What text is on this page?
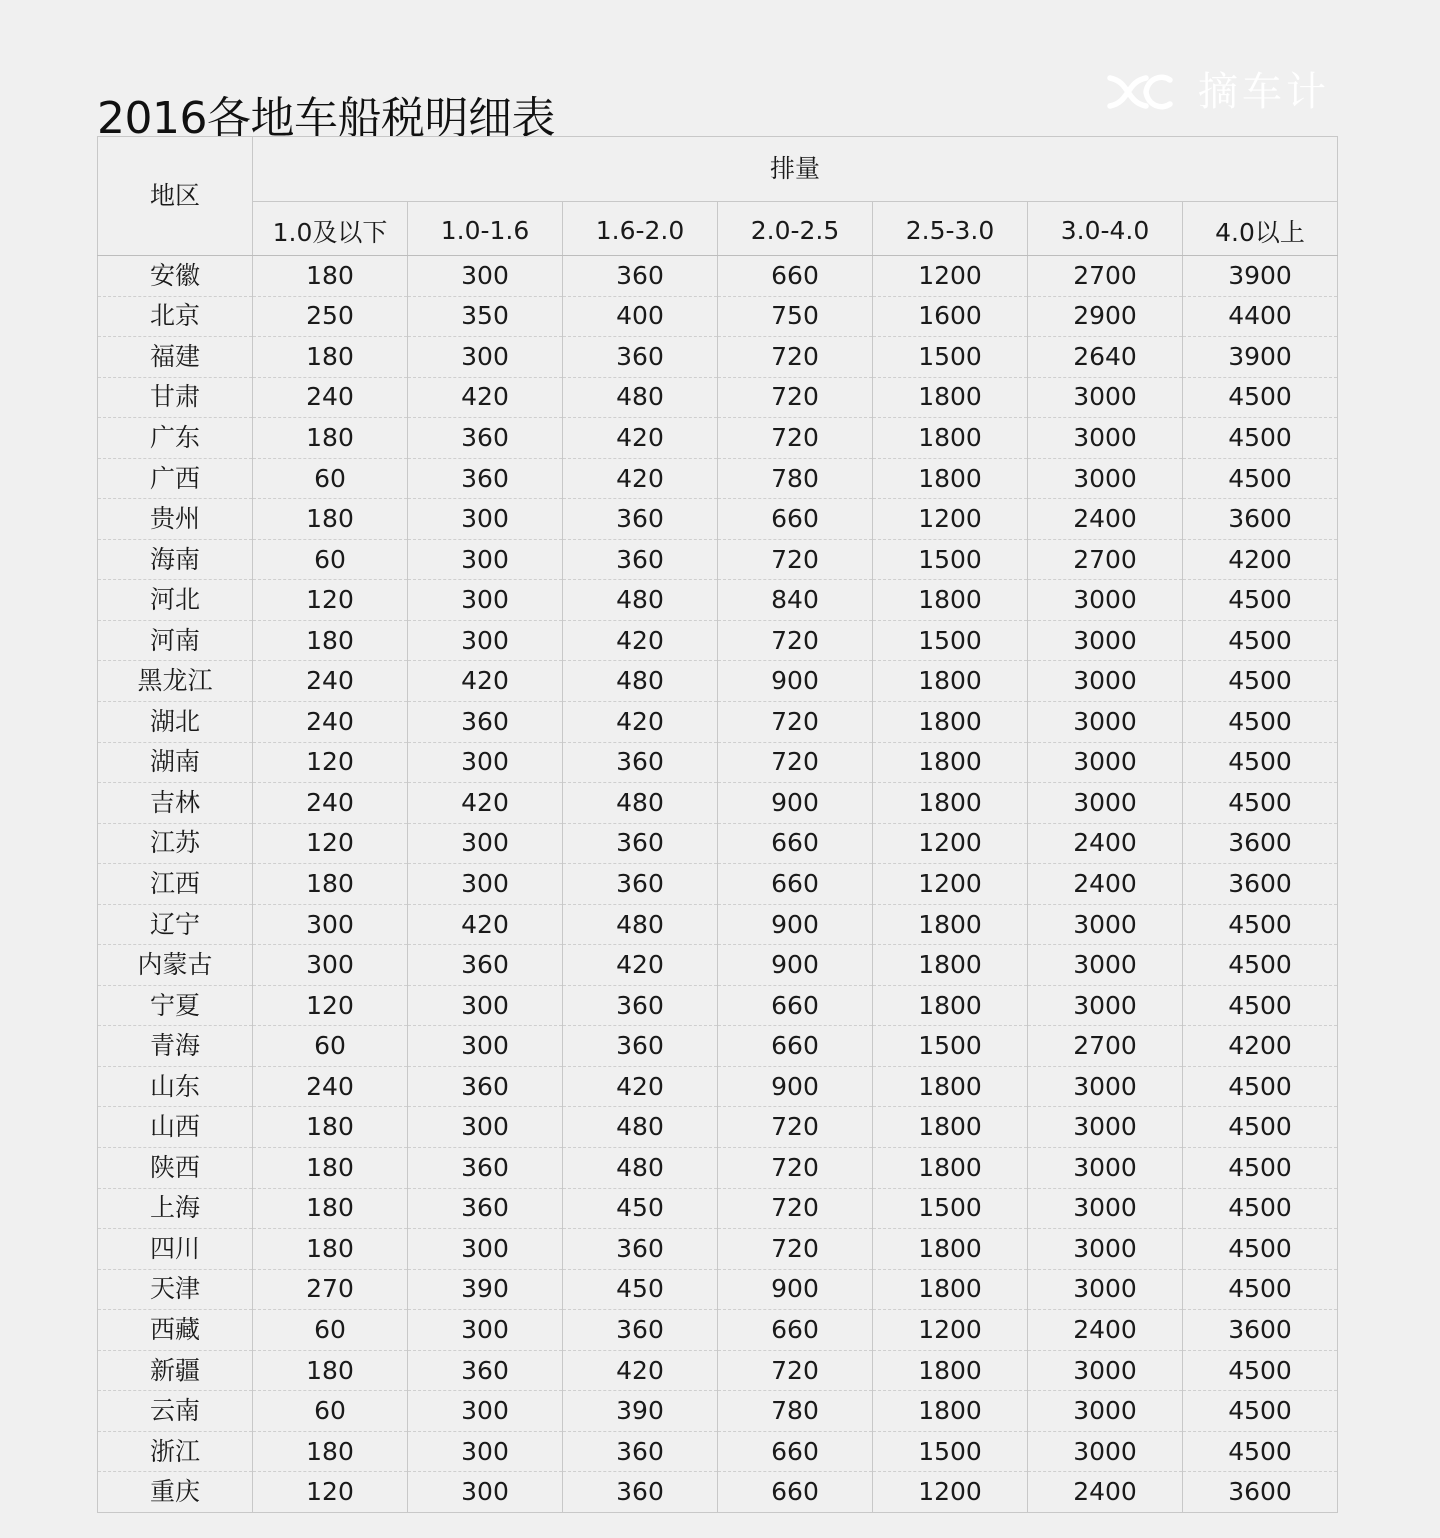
2016各地车船税明细表
摘车计
地区	排量						
	1.0及以下	1.0-1.6	1.6-2.0	2.0-2.5	2.5-3.0	3.0-4.0	4.0以上
安徽	180	300	360	660	1200	2700	3900
北京	250	350	400	750	1600	2900	4400
福建	180	300	360	720	1500	2640	3900
甘肃	240	420	480	720	1800	3000	4500
广东	180	360	420	720	1800	3000	4500
广西	60	360	420	780	1800	3000	4500
贵州	180	300	360	660	1200	2400	3600
海南	60	300	360	720	1500	2700	4200
河北	120	300	480	840	1800	3000	4500
河南	180	300	420	720	1500	3000	4500
黑龙江	240	420	480	900	1800	3000	4500
湖北	240	360	420	720	1800	3000	4500
湖南	120	300	360	720	1800	3000	4500
吉林	240	420	480	900	1800	3000	4500
江苏	120	300	360	660	1200	2400	3600
江西	180	300	360	660	1200	2400	3600
辽宁	300	420	480	900	1800	3000	4500
内蒙古	300	360	420	900	1800	3000	4500
宁夏	120	300	360	660	1800	3000	4500
青海	60	300	360	660	1500	2700	4200
山东	240	360	420	900	1800	3000	4500
山西	180	300	480	720	1800	3000	4500
陕西	180	360	480	720	1800	3000	4500
上海	180	360	450	720	1500	3000	4500
四川	180	300	360	720	1800	3000	4500
天津	270	390	450	900	1800	3000	4500
西藏	60	300	360	660	1200	2400	3600
新疆	180	360	420	720	1800	3000	4500
云南	60	300	390	780	1800	3000	4500
浙江	180	300	360	660	1500	3000	4500
重庆	120	300	360	660	1200	2400	3600
